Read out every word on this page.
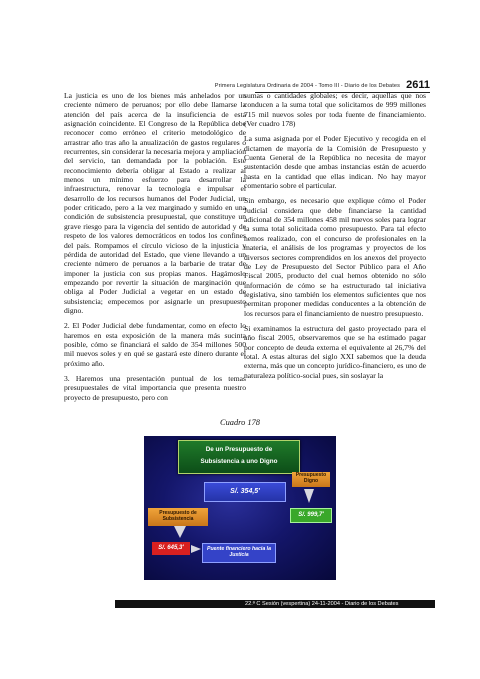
Primera Legislatura Ordinaria de 2004 - Tomo III - Diario de los Debates 2611

La justicia es uno de los bienes más anhelados por un creciente número de peruanos; por ello debe llamarse la atención del país acerca de la insuficiencia de esta asignación coincidente. El Congreso de la República debe reconocer como erróneo el criterio metodológico de arrastrar año tras año la anualización de gastos regulares o recurrentes, sin considerar la necesaria mejora y ampliación del servicio, tan demandada por la población. Este reconocimiento debería obligar al Estado a realizar al menos un mínimo esfuerzo para desarrollar la infraestructura, renovar la tecnología e impulsar el desarrollo de los recursos humanos del Poder Judicial, un poder criticado, pero a la vez marginado y sumido en una condición de subsistencia presupuestal, que constituye un grave riesgo para la vigencia del sentido de autoridad y de respeto de los valores democráticos en todos los confines del país. Rompamos el círculo vicioso de la injusticia y pérdida de autoridad del Estado, que viene llevando a un creciente número de peruanos a la barbarie de tratar de imponer la justicia con sus propias manos. Hagámoslo empezando por revertir la situación de marginación que obliga al Poder Judicial a vegetar en un estado de subsistencia; empecemos por asignarle un presupuesto digno.

2. El Poder Judicial debe fundamentar, como en efecto lo haremos en esta exposición de la manera más sucinta posible, cómo se financiará el saldo de 354 millones 500 mil nuevos soles y en qué se gastará este dinero durante el próximo año.

3. Haremos una presentación puntual de los temas presupuestales de vital importancia que presenta nuestro proyecto de presupuesto, pero con

sumas o cantidades globales; es decir, aquellas que nos conducen a la suma total que solicitamos de 999 millones 715 mil nuevos soles por toda fuente de financiamiento. (Ver cuadro 178)

La suma asignada por el Poder Ejecutivo y recogida en el dictamen de mayoría de la Comisión de Presupuesto y Cuenta General de la República no necesita de mayor sustentación desde que ambas instancias están de acuerdo hasta en la cantidad que ellas indican. No hay mayor comentario sobre el particular.

Sin embargo, es necesario que explique cómo el Poder Judicial considera que debe financiarse la cantidad adicional de 354 millones 458 mil nuevos soles para lograr la suma total solicitada como presupuesto. Para tal efecto hemos realizado, con el concurso de profesionales en la materia, el análisis de los programas y proyectos de los diversos sectores comprendidos en los anexos del proyecto de Ley de Presupuesto del Sector Público para el Año Fiscal 2005, producto del cual hemos obtenido no sólo información de cómo se ha estructurado tal iniciativa legislativa, sino también los elementos suficientes que nos permitan proponer medidas conducentes a la obtención de los recursos para el financiamiento de nuestro presupuesto.

Si examinamos la estructura del gasto proyectado para el año fiscal 2005, observaremos que se ha estimado pagar por concepto de deuda externa el equivalente al 26,7% del total. A estas alturas del siglo XXI sabemos que la deuda externa, más que un concepto jurídico-financiero, es uno de naturaleza político-social pues, sin soslayar la

Cuadro 178
De un Presupuesto de
Subsistencia a uno Digno
S/. 354,5'
Presupuesto Digno
S/. 999,7'
Presupuesto de Subsistencia
S/. 645,3'	Puente financiero hacia la Justicia
22.ª C Sesión (vespertina) 24-11-2004 - Diario de los Debates
